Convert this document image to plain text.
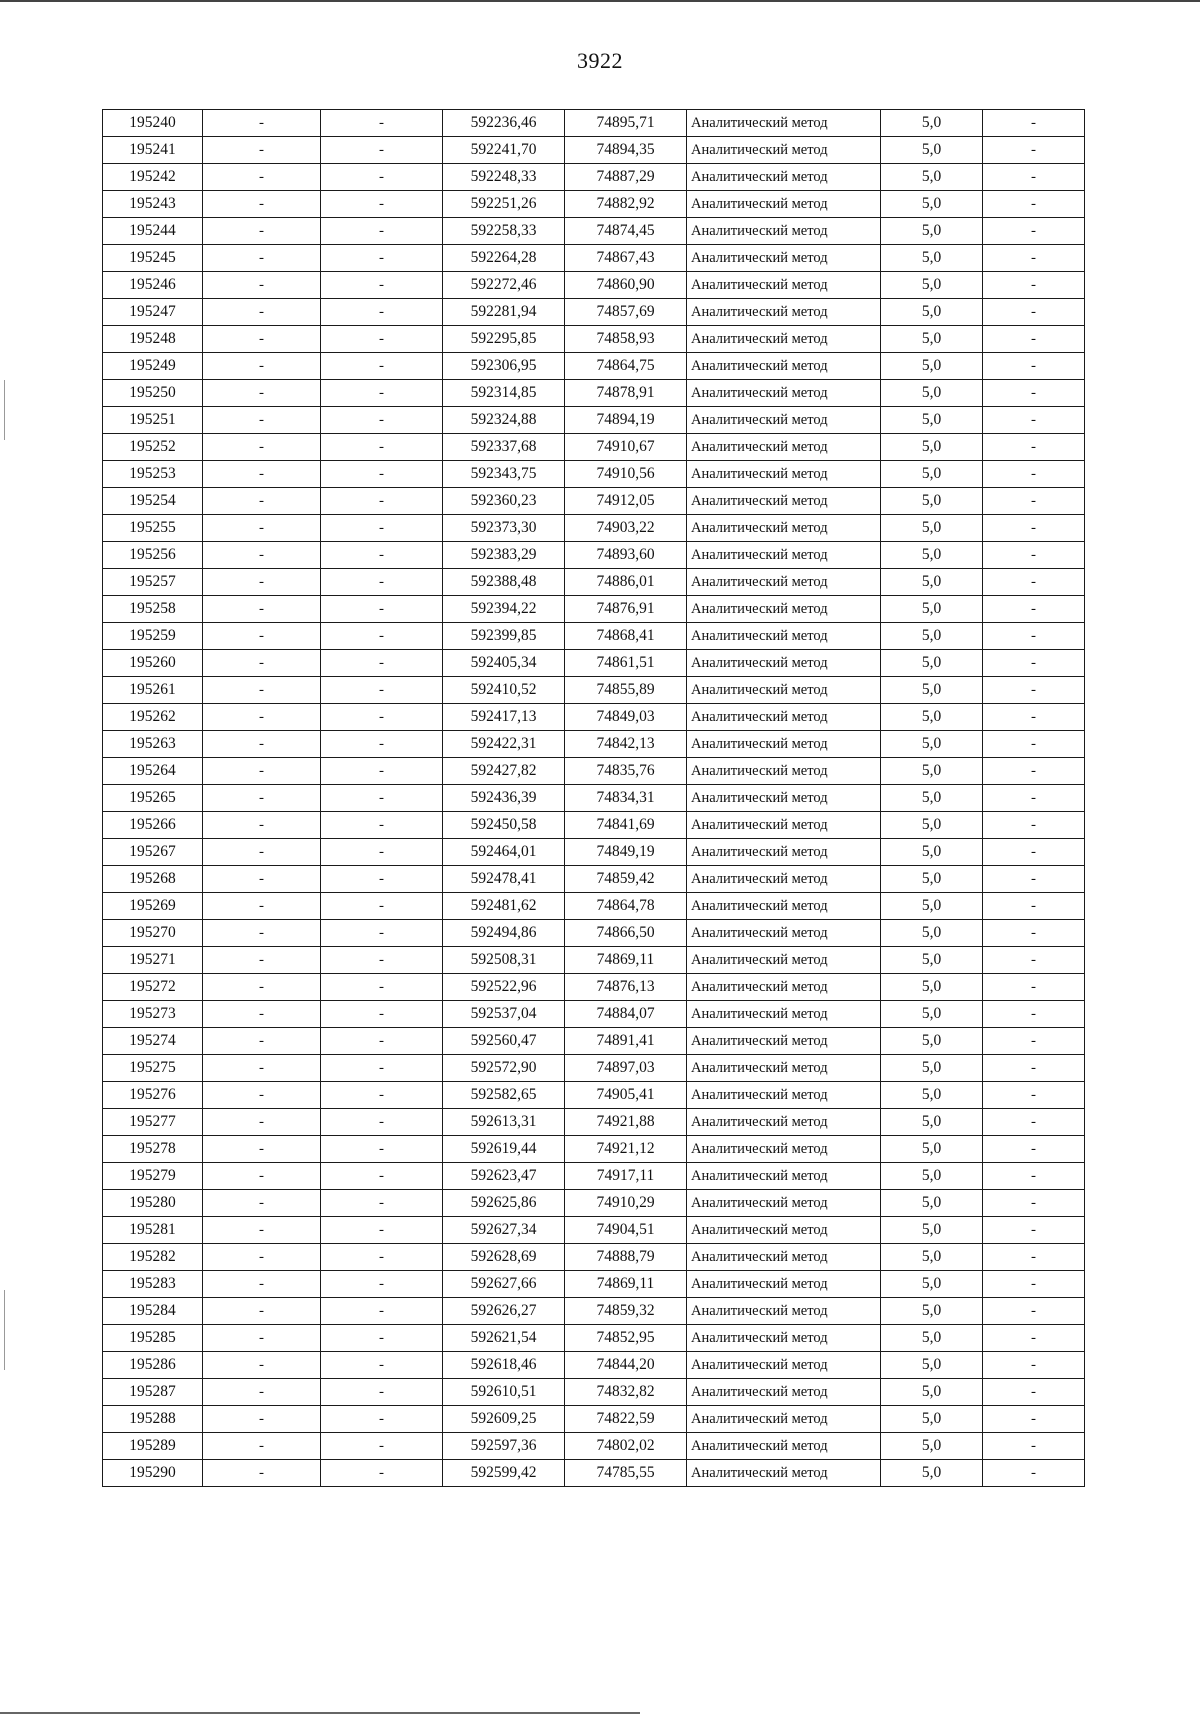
3922
195240	-	-	592236,46	74895,71	Аналитический метод	5,0	-
195241	-	-	592241,70	74894,35	Аналитический метод	5,0	-
195242	-	-	592248,33	74887,29	Аналитический метод	5,0	-
195243	-	-	592251,26	74882,92	Аналитический метод	5,0	-
195244	-	-	592258,33	74874,45	Аналитический метод	5,0	-
195245	-	-	592264,28	74867,43	Аналитический метод	5,0	-
195246	-	-	592272,46	74860,90	Аналитический метод	5,0	-
195247	-	-	592281,94	74857,69	Аналитический метод	5,0	-
195248	-	-	592295,85	74858,93	Аналитический метод	5,0	-
195249	-	-	592306,95	74864,75	Аналитический метод	5,0	-
195250	-	-	592314,85	74878,91	Аналитический метод	5,0	-
195251	-	-	592324,88	74894,19	Аналитический метод	5,0	-
195252	-	-	592337,68	74910,67	Аналитический метод	5,0	-
195253	-	-	592343,75	74910,56	Аналитический метод	5,0	-
195254	-	-	592360,23	74912,05	Аналитический метод	5,0	-
195255	-	-	592373,30	74903,22	Аналитический метод	5,0	-
195256	-	-	592383,29	74893,60	Аналитический метод	5,0	-
195257	-	-	592388,48	74886,01	Аналитический метод	5,0	-
195258	-	-	592394,22	74876,91	Аналитический метод	5,0	-
195259	-	-	592399,85	74868,41	Аналитический метод	5,0	-
195260	-	-	592405,34	74861,51	Аналитический метод	5,0	-
195261	-	-	592410,52	74855,89	Аналитический метод	5,0	-
195262	-	-	592417,13	74849,03	Аналитический метод	5,0	-
195263	-	-	592422,31	74842,13	Аналитический метод	5,0	-
195264	-	-	592427,82	74835,76	Аналитический метод	5,0	-
195265	-	-	592436,39	74834,31	Аналитический метод	5,0	-
195266	-	-	592450,58	74841,69	Аналитический метод	5,0	-
195267	-	-	592464,01	74849,19	Аналитический метод	5,0	-
195268	-	-	592478,41	74859,42	Аналитический метод	5,0	-
195269	-	-	592481,62	74864,78	Аналитический метод	5,0	-
195270	-	-	592494,86	74866,50	Аналитический метод	5,0	-
195271	-	-	592508,31	74869,11	Аналитический метод	5,0	-
195272	-	-	592522,96	74876,13	Аналитический метод	5,0	-
195273	-	-	592537,04	74884,07	Аналитический метод	5,0	-
195274	-	-	592560,47	74891,41	Аналитический метод	5,0	-
195275	-	-	592572,90	74897,03	Аналитический метод	5,0	-
195276	-	-	592582,65	74905,41	Аналитический метод	5,0	-
195277	-	-	592613,31	74921,88	Аналитический метод	5,0	-
195278	-	-	592619,44	74921,12	Аналитический метод	5,0	-
195279	-	-	592623,47	74917,11	Аналитический метод	5,0	-
195280	-	-	592625,86	74910,29	Аналитический метод	5,0	-
195281	-	-	592627,34	74904,51	Аналитический метод	5,0	-
195282	-	-	592628,69	74888,79	Аналитический метод	5,0	-
195283	-	-	592627,66	74869,11	Аналитический метод	5,0	-
195284	-	-	592626,27	74859,32	Аналитический метод	5,0	-
195285	-	-	592621,54	74852,95	Аналитический метод	5,0	-
195286	-	-	592618,46	74844,20	Аналитический метод	5,0	-
195287	-	-	592610,51	74832,82	Аналитический метод	5,0	-
195288	-	-	592609,25	74822,59	Аналитический метод	5,0	-
195289	-	-	592597,36	74802,02	Аналитический метод	5,0	-
195290	-	-	592599,42	74785,55	Аналитический метод	5,0	-
